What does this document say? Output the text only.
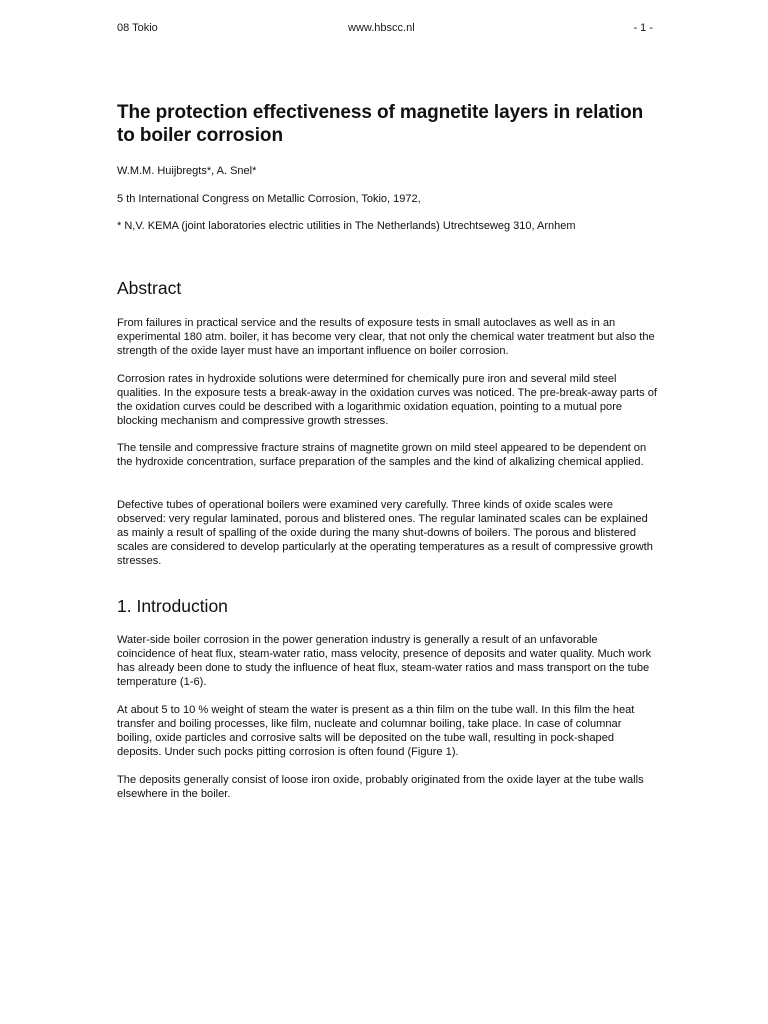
08 Tokio	www.hbscc.nl	- 1 -
The protection effectiveness of magnetite layers in relation to boiler corrosion

W.M.M. Huijbregts*, A. Snel*

5 th International Congress on Metallic Corrosion, Tokio, 1972,

* N,V. KEMA (joint laboratories electric utilities in The Netherlands) Utrechtseweg 310, Arnhem

Abstract

From failures in practical service and the results of exposure tests in small autoclaves as well as in an experimental 180 atm. boiler, it has become very clear, that not only the chemical water treatment but also the strength of the oxide layer must have an important influence on boiler corrosion.

Corrosion rates in hydroxide solutions were determined for chemically pure iron and several mild steel qualities. In the exposure tests a break-away in the oxidation curves was noticed. The pre-break-away parts of the oxidation curves could be described with a logarithmic oxidation equation, pointing to a mutual pore blocking mechanism and compressive growth stresses.

The tensile and compressive fracture strains of magnetite grown on mild steel appeared to be dependent on the hydroxide concentration, surface preparation of the samples and the kind of alkalizing chemical applied.

Defective tubes of operational boilers were examined very carefully. Three kinds of oxide scales were observed: very regular laminated, porous and blistered ones. The regular laminated scales can be explained as mainly a result of spalling of the oxide during the many shut-downs of boilers. The porous and blistered scales are considered to develop particularly at the operating temperatures as a result of compressive growth stresses.

1. Introduction

Water-side boiler corrosion in the power generation industry is generally a result of an unfavorable coincidence of heat flux, steam-water ratio, mass velocity, presence of deposits and water quality. Much work has already been done to study the influence of heat flux, steam-water ratios and mass transport on the tube temperature (1-6).

At about 5 to 10 % weight of steam the water is present as a thin film on the tube wall. In this film the heat transfer and boiling processes, like film, nucleate and columnar boiling, take place. In case of columnar boiling, oxide particles and corrosive salts will be deposited on the tube wall, resulting in pock-shaped deposits. Under such pocks pitting corrosion is often found (Figure 1).

The deposits generally consist of loose iron oxide, probably originated from the oxide layer at the tube walls elsewhere in the boiler.
